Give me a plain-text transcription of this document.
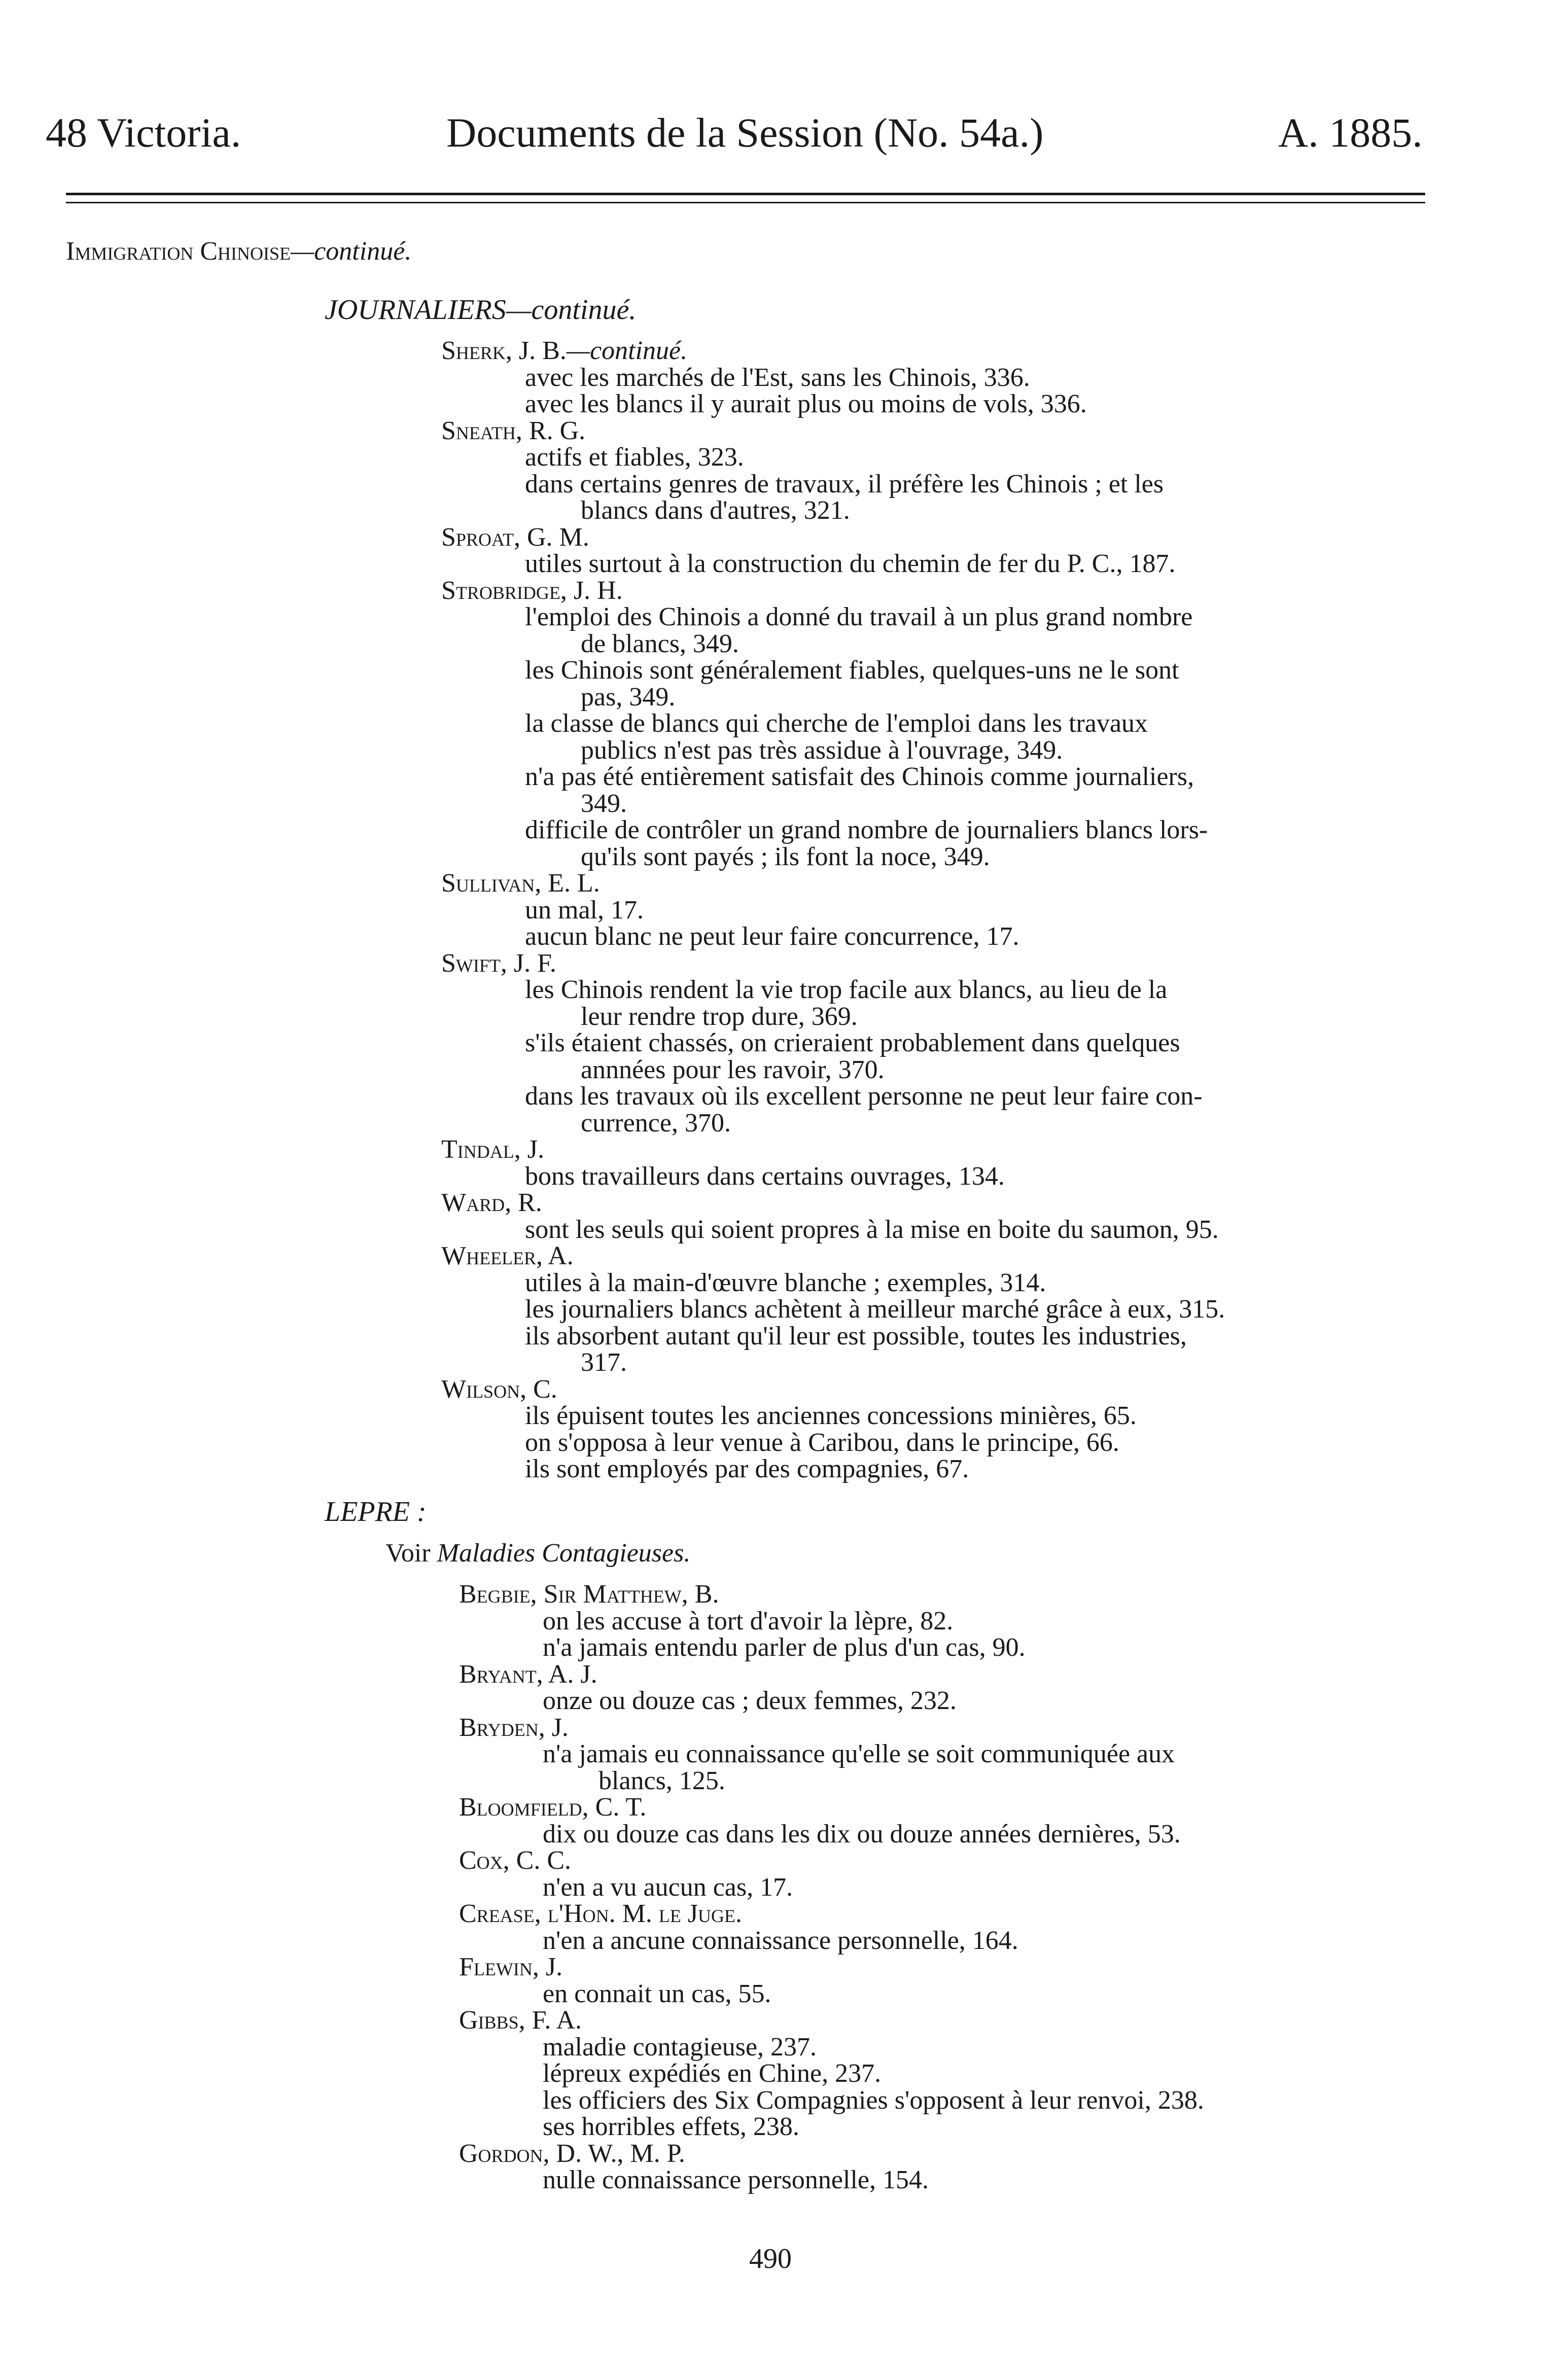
48 Victoria.	Documents de la Session (No. 54a.)	A. 1885.
Immigration Chinoise—continué.
JOURNALIERS—continué.
Sherk, J. B.—continué.
avec les marchés de l'Est, sans les Chinois, 336.
avec les blancs il y aurait plus ou moins de vols, 336.
Sneath, R. G.
actifs et fiables, 323.
dans certains genres de travaux, il préfère les Chinois ; et les
blancs dans d'autres, 321.
Sproat, G. M.
utiles surtout à la construction du chemin de fer du P. C., 187.
Strobridge, J. H.
l'emploi des Chinois a donné du travail à un plus grand nombre
de blancs, 349.
les Chinois sont généralement fiables, quelques-uns ne le sont
pas, 349.
la classe de blancs qui cherche de l'emploi dans les travaux
publics n'est pas très assidue à l'ouvrage, 349.
n'a pas été entièrement satisfait des Chinois comme journaliers,
349.
difficile de contrôler un grand nombre de journaliers blancs lors-
qu'ils sont payés ; ils font la noce, 349.
Sullivan, E. L.
un mal, 17.
aucun blanc ne peut leur faire concurrence, 17.
Swift, J. F.
les Chinois rendent la vie trop facile aux blancs, au lieu de la
leur rendre trop dure, 369.
s'ils étaient chassés, on crieraient probablement dans quelques
annnées pour les ravoir, 370.
dans les travaux où ils excellent personne ne peut leur faire con-
currence, 370.
Tindal, J.
bons travailleurs dans certains ouvrages, 134.
Ward, R.
sont les seuls qui soient propres à la mise en boite du saumon, 95.
Wheeler, A.
utiles à la main-d'œuvre blanche ; exemples, 314.
les journaliers blancs achètent à meilleur marché grâce à eux, 315.
ils absorbent autant qu'il leur est possible, toutes les industries,
317.
Wilson, C.
ils épuisent toutes les anciennes concessions minières, 65.
on s'opposa à leur venue à Caribou, dans le principe, 66.
ils sont employés par des compagnies, 67.
LEPRE :
Voir Maladies Contagieuses.
Begbie, Sir Matthew, B.
on les accuse à tort d'avoir la lèpre, 82.
n'a jamais entendu parler de plus d'un cas, 90.
Bryant, A. J.
onze ou douze cas ; deux femmes, 232.
Bryden, J.
n'a jamais eu connaissance qu'elle se soit communiquée aux
blancs, 125.
Bloomfield, C. T.
dix ou douze cas dans les dix ou douze années dernières, 53.
Cox, C. C.
n'en a vu aucun cas, 17.
Crease, l'Hon. M. le Juge.
n'en a ancune connaissance personnelle, 164.
Flewin, J.
en connait un cas, 55.
Gibbs, F. A.
maladie contagieuse, 237.
lépreux expédiés en Chine, 237.
les officiers des Six Compagnies s'opposent à leur renvoi, 238.
ses horribles effets, 238.
Gordon, D. W., M. P.
nulle connaissance personnelle, 154.
490
